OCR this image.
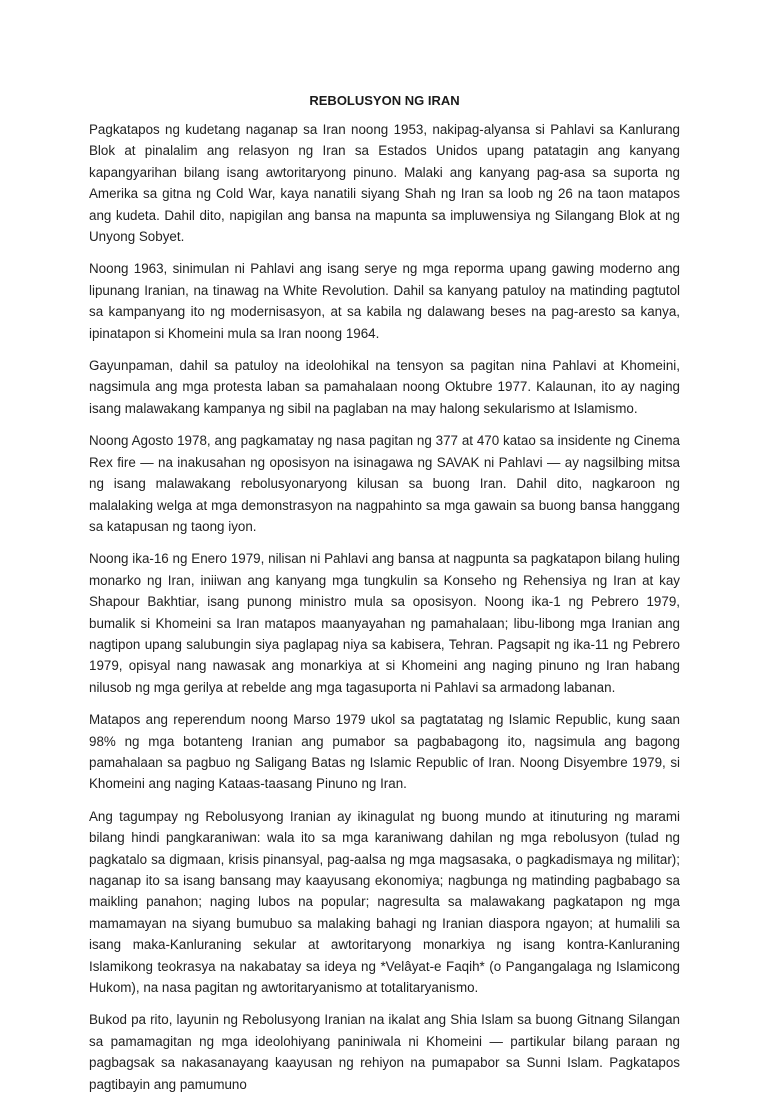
REBOLUSYON NG IRAN

Pagkatapos ng kudetang naganap sa Iran noong 1953, nakipag-alyansa si Pahlavi sa Kanlurang Blok at pinalalim ang relasyon ng Iran sa Estados Unidos upang patatagin ang kanyang kapangyarihan bilang isang awtoritaryong pinuno. Malaki ang kanyang pag-asa sa suporta ng Amerika sa gitna ng Cold War, kaya nanatili siyang Shah ng Iran sa loob ng 26 na taon matapos ang kudeta. Dahil dito, napigilan ang bansa na mapunta sa impluwensiya ng Silangang Blok at ng Unyong Sobyet.

Noong 1963, sinimulan ni Pahlavi ang isang serye ng mga reporma upang gawing moderno ang lipunang Iranian, na tinawag na White Revolution. Dahil sa kanyang patuloy na matinding pagtutol sa kampanyang ito ng modernisasyon, at sa kabila ng dalawang beses na pag-aresto sa kanya, ipinatapon si Khomeini mula sa Iran noong 1964.

Gayunpaman, dahil sa patuloy na ideolohikal na tensyon sa pagitan nina Pahlavi at Khomeini, nagsimula ang mga protesta laban sa pamahalaan noong Oktubre 1977. Kalaunan, ito ay naging isang malawakang kampanya ng sibil na paglaban na may halong sekularismo at Islamismo.

Noong Agosto 1978, ang pagkamatay ng nasa pagitan ng 377 at 470 katao sa insidente ng Cinema Rex fire — na inakusahan ng oposisyon na isinagawa ng SAVAK ni Pahlavi — ay nagsilbing mitsa ng isang malawakang rebolusyonaryong kilusan sa buong Iran. Dahil dito, nagkaroon ng malalaking welga at mga demonstrasyon na nagpahinto sa mga gawain sa buong bansa hanggang sa katapusan ng taong iyon.

Noong ika-16 ng Enero 1979, nilisan ni Pahlavi ang bansa at nagpunta sa pagkatapon bilang huling monarko ng Iran, iniiwan ang kanyang mga tungkulin sa Konseho ng Rehensiya ng Iran at kay Shapour Bakhtiar, isang punong ministro mula sa oposisyon. Noong ika-1 ng Pebrero 1979, bumalik si Khomeini sa Iran matapos maanyayahan ng pamahalaan; libu-libong mga Iranian ang nagtipon upang salubungin siya paglapag niya sa kabisera, Tehran. Pagsapit ng ika-11 ng Pebrero 1979, opisyal nang nawasak ang monarkiya at si Khomeini ang naging pinuno ng Iran habang nilusob ng mga gerilya at rebelde ang mga tagasuporta ni Pahlavi sa armadong labanan.

Matapos ang reperendum noong Marso 1979 ukol sa pagtatatag ng Islamic Republic, kung saan 98% ng mga botanteng Iranian ang pumabor sa pagbabagong ito, nagsimula ang bagong pamahalaan sa pagbuo ng Saligang Batas ng Islamic Republic of Iran. Noong Disyembre 1979, si Khomeini ang naging Kataas-taasang Pinuno ng Iran.

Ang tagumpay ng Rebolusyong Iranian ay ikinagulat ng buong mundo at itinuturing ng marami bilang hindi pangkaraniwan: wala ito sa mga karaniwang dahilan ng mga rebolusyon (tulad ng pagkatalo sa digmaan, krisis pinansyal, pag-aalsa ng mga magsasaka, o pagkadismaya ng militar); naganap ito sa isang bansang may kaayusang ekonomiya; nagbunga ng matinding pagbabago sa maikling panahon; naging lubos na popular; nagresulta sa malawakang pagkatapon ng mga mamamayan na siyang bumubuo sa malaking bahagi ng Iranian diaspora ngayon; at humalili sa isang maka-Kanluraning sekular at awtoritaryong monarkiya ng isang kontra-Kanluraning Islamikong teokrasya na nakabatay sa ideya ng *Velâyat-e Faqih* (o Pangangalaga ng Islamicong Hukom), na nasa pagitan ng awtoritaryanismo at totalitaryanismo.

Bukod pa rito, layunin ng Rebolusyong Iranian na ikalat ang Shia Islam sa buong Gitnang Silangan sa pamamagitan ng mga ideolohiyang paniniwala ni Khomeini — partikular bilang paraan ng pagbagsak sa nakasanayang kaayusan ng rehiyon na pumapabor sa Sunni Islam. Pagkatapos pagtibayin ang pamumuno
